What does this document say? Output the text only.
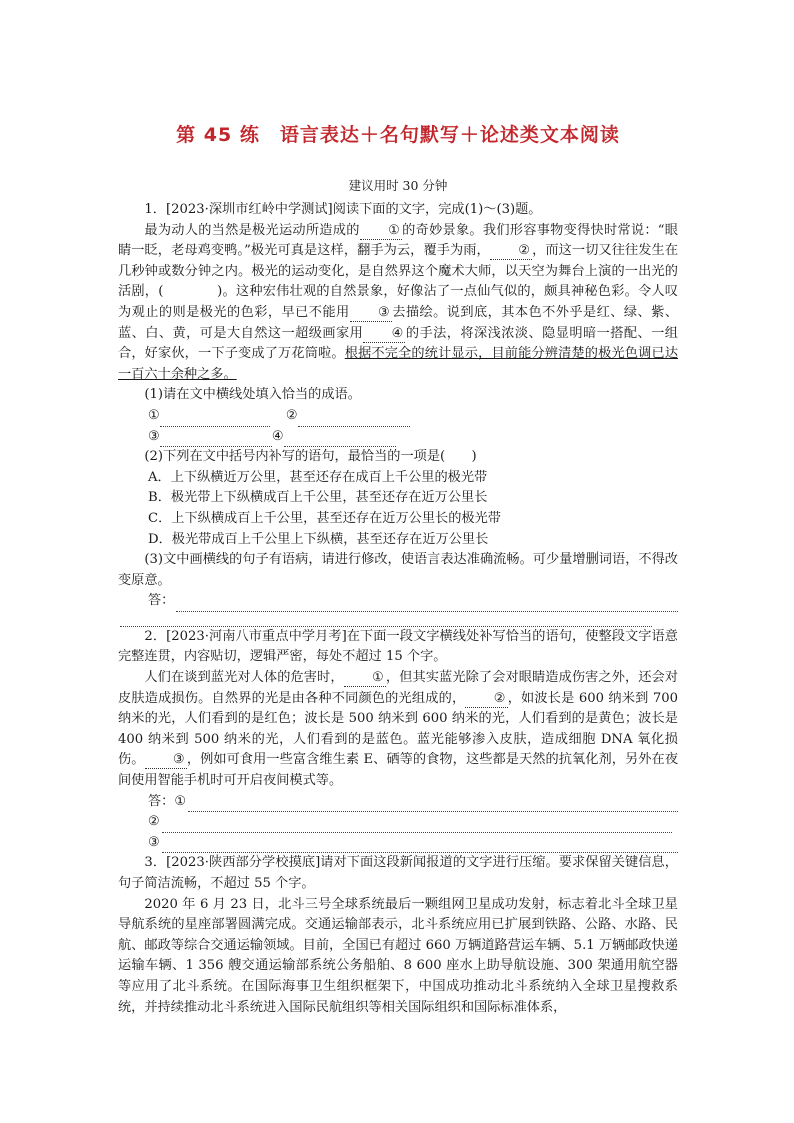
第 45 练　语言表达＋名句默写＋论述类文本阅读
建议用时 30 分钟

1．[2023·深圳市红岭中学测试]阅读下面的文字，完成(1)～(3)题。

最为动人的当然是极光运动所造成的 ① 的奇妙景象。我们形容事物变得快时常说：“眼睛一眨，老母鸡变鸭。”极光可真是这样，翻手为云，覆手为雨， ② ，而这一切又往往发生在几秒钟或数分钟之内。极光的运动变化，是自然界这个魔术大师，以天空为舞台上演的一出光的活剧，(　　　　)。这种宏伟壮观的自然景象，好像沾了一点仙气似的，颇具神秘色彩。令人叹为观止的则是极光的色彩，早已不能用 ③ 去描绘。说到底，其本色不外乎是红、绿、紫、蓝、白、黄，可是大自然这一超级画家用 ④ 的手法，将深浅浓淡、隐显明暗一搭配、一组合，好家伙，一下子变成了万花筒啦。根据不完全的统计显示，目前能分辨清楚的极光色调已达一百六十余种之多。

(1)请在文中横线处填入恰当的成语。

①	②
③	④

(2)下列在文中括号内补写的语句，最恰当的一项是(　　)

A．上下纵横近万公里，甚至还存在成百上千公里的极光带

B．极光带上下纵横成百上千公里，甚至还存在近万公里长

C．上下纵横成百上千公里，甚至还存在近万公里长的极光带

D．极光带成百上千公里上下纵横，甚至还存在近万公里长

(3)文中画横线的句子有语病，请进行修改，使语言表达准确流畅。可少量增删词语，不得改变原意。

答：

2．[2023·河南八市重点中学月考]在下面一段文字横线处补写恰当的语句，使整段文字语意完整连贯，内容贴切，逻辑严密，每处不超过 15 个字。

人们在谈到蓝光对人体的危害时， ① ，但其实蓝光除了会对眼睛造成伤害之外，还会对皮肤造成损伤。自然界的光是由各种不同颜色的光组成的， ② ，如波长是 600 纳米到 700 纳米的光，人们看到的是红色；波长是 500 纳米到 600 纳米的光，人们看到的是黄色；波长是 400 纳米到 500 纳米的光，人们看到的是蓝色。蓝光能够渗入皮肤，造成细胞 DNA 氧化损伤。 ③ ，例如可食用一些富含维生素 E、硒等的食物，这些都是天然的抗氧化剂，另外在夜间使用智能手机时可开启夜间模式等。

答： ①
②
③

3．[2023·陕西部分学校摸底]请对下面这段新闻报道的文字进行压缩。要求保留关键信息，句子简洁流畅，不超过 55 个字。

2020 年 6 月 23 日，北斗三号全球系统最后一颗组网卫星成功发射，标志着北斗全球卫星导航系统的星座部署圆满完成。交通运输部表示，北斗系统应用已扩展到铁路、公路、水路、民航、邮政等综合交通运输领域。目前，全国已有超过 660 万辆道路营运车辆、5.1 万辆邮政快递运输车辆、1 356 艘交通运输部系统公务船舶、8 600 座水上助导航设施、300 架通用航空器等应用了北斗系统。在国际海事卫生组织框架下，中国成功推动北斗系统纳入全球卫星搜救系统，并持续推动北斗系统进入国际民航组织等相关国际组织和国际标准体系，
